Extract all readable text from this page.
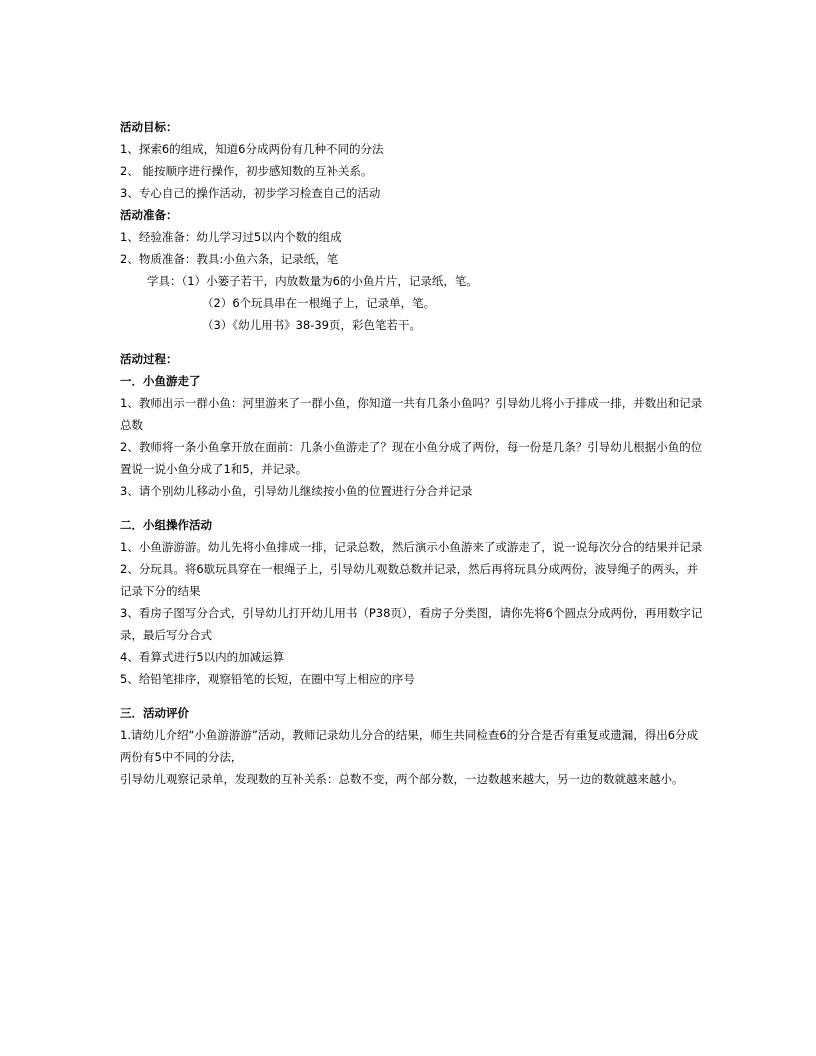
活动目标：
1、探索6的组成，知道6分成两份有几种不同的分法
2、 能按顺序进行操作，初步感知数的互补关系。
3、专心自己的操作活动，初步学习检查自己的活动
活动准备：
1、经验准备：幼儿学习过5以内个数的组成
2、物质准备：教具:小鱼六条，记录纸，笔
学具：（1）小篓子若干，内放数量为6的小鱼片片，记录纸，笔。
（2）6个玩具串在一根绳子上，记录单，笔。
（3）《幼儿用书》38-39页，彩色笔若干。
活动过程：
一．小鱼游走了
1、教师出示一群小鱼：河里游来了一群小鱼，你知道一共有几条小鱼吗？引导幼儿将小于排成一排，并数出和记录总数
2、教师将一条小鱼拿开放在面前：几条小鱼游走了？现在小鱼分成了两份，每一份是几条？引导幼儿根据小鱼的位置说一说小鱼分成了1和5，并记录。
3、请个别幼儿移动小鱼，引导幼儿继续按小鱼的位置进行分合并记录
二．小组操作活动
1、小鱼游游游。幼儿先将小鱼排成一排，记录总数，然后演示小鱼游来了或游走了，说一说每次分合的结果并记录
2、分玩具。将6歇玩具穿在一根绳子上，引导幼儿观数总数并记录，然后再将玩具分成两份，波导绳子的两头，并记录下分的结果
3、看房子图写分合式，引导幼儿打开幼儿用书（P38页），看房子分类图，请你先将6个圆点分成两份，再用数字记录，最后写分合式
4、看算式进行5以内的加减运算
5、给铅笔排序，观察铅笔的长短，在圈中写上相应的序号
三．活动评价
1.请幼儿介绍“小鱼游游游”活动，教师记录幼儿分合的结果，师生共同检查6的分合是否有重复或遗漏，得出6分成两份有5中不同的分法，
引导幼儿观察记录单，发现数的互补关系：总数不变，两个部分数，一边数越来越大，另一边的数就越来越小。
